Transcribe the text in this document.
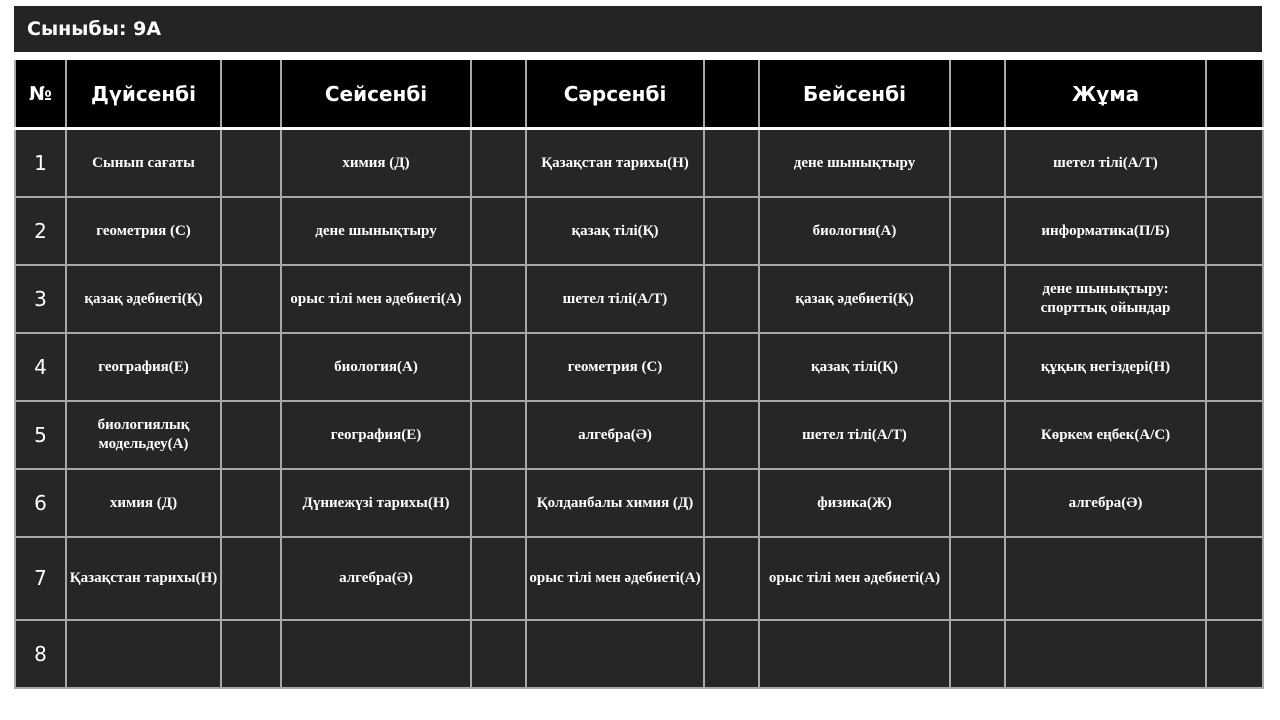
Сыныбы: 9А
№	Дүйсенбі		Сейсенбі		Сәрсенбі		Бейсенбі		Жұма	
1	Сынып сағаты		химия (Д)		Қазақстан тарихы(Н)		дене шынықтыру		шетел тілі(А/Т)	
2	геометрия (С)		дене шынықтыру		қазақ тілі(Қ)		биология(А)		информатика(П/Б)	
3	қазақ әдебиеті(Қ)		орыс тілі мен әдебиеті(А)		шетел тілі(А/Т)		қазақ әдебиеті(Қ)		дене шынықтыру: спорттық ойындар	
4	география(Е)		биология(А)		геометрия (С)		қазақ тілі(Қ)		құқық негіздері(Н)	
5	биологиялық модельдеу(А)		география(Е)		алгебра(Ә)		шетел тілі(А/Т)		Көркем еңбек(А/С)	
6	химия (Д)		Дүниежүзі тарихы(Н)		Қолданбалы химия (Д)		физика(Ж)		алгебра(Ә)	
7	Қазақстан тарихы(Н)		алгебра(Ә)		орыс тілі мен әдебиеті(А)		орыс тілі мен әдебиеті(А)			
8										
